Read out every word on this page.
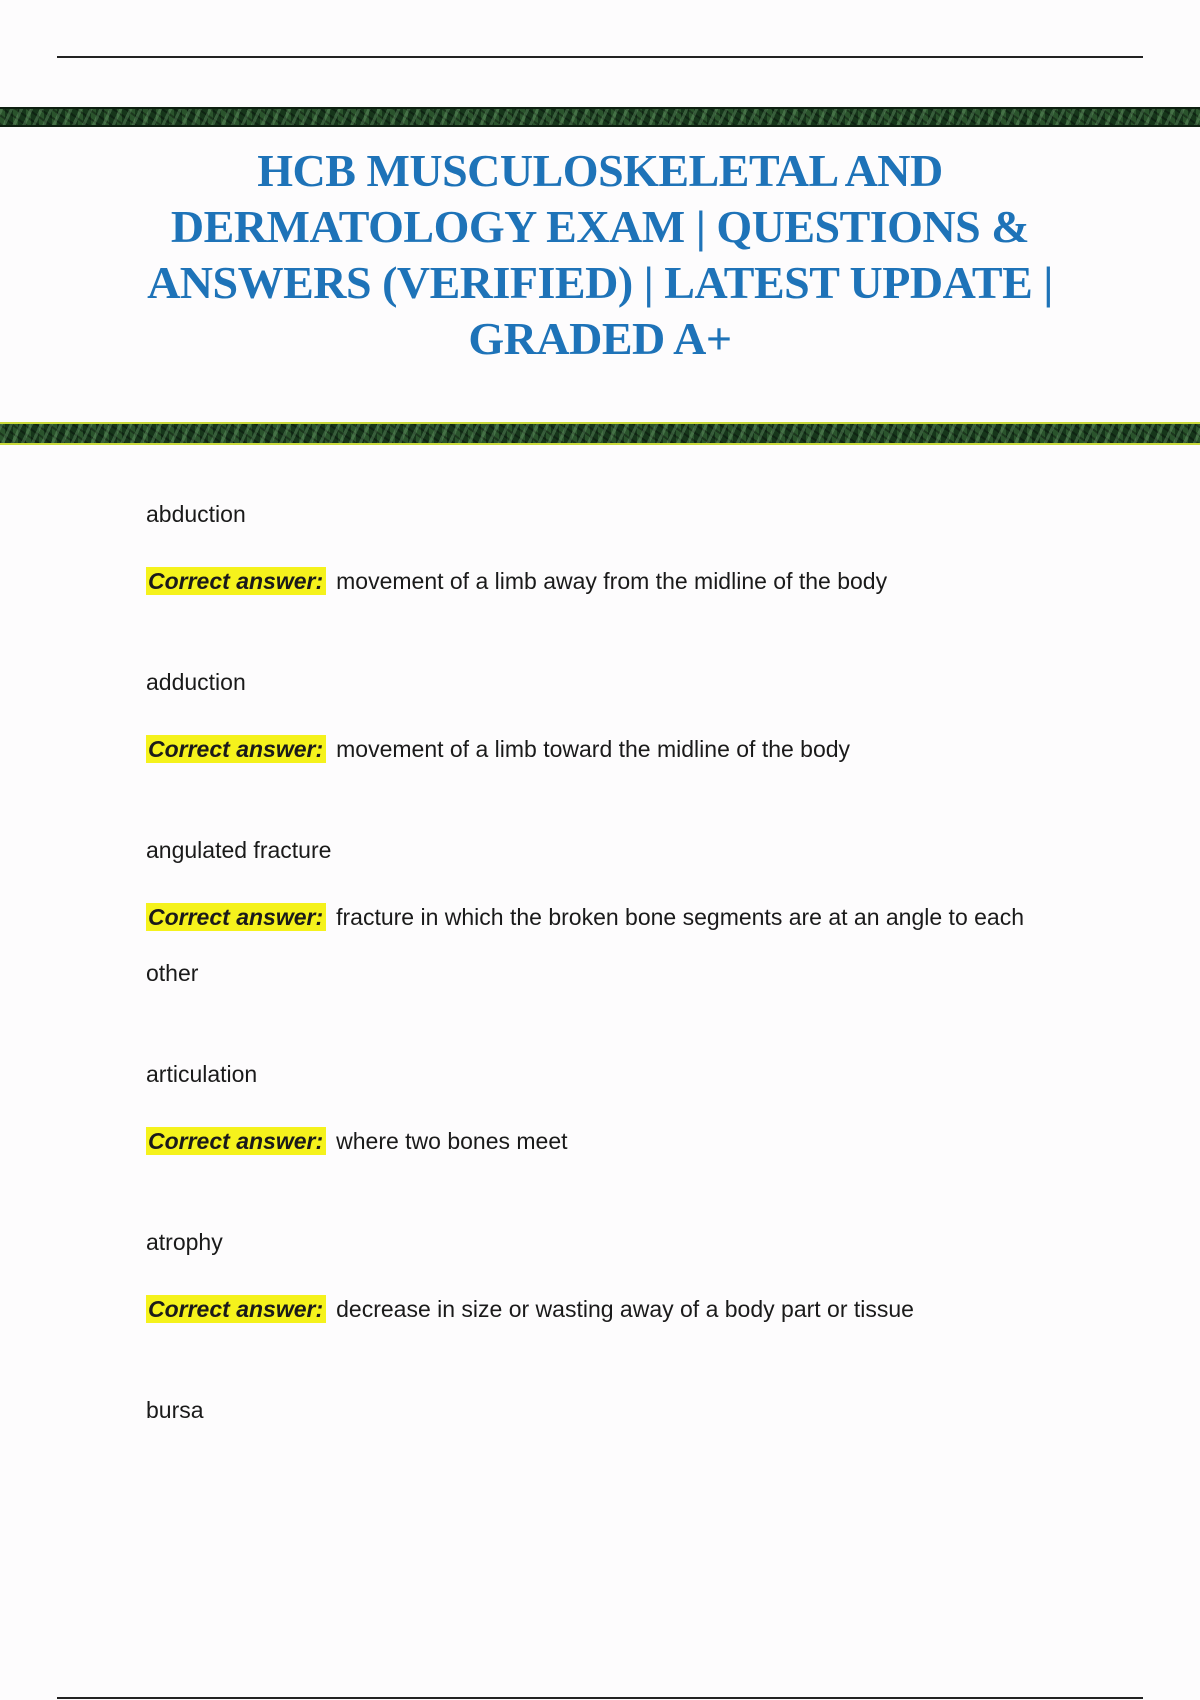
HCB MUSCULOSKELETAL AND
DERMATOLOGY EXAM | QUESTIONS &
ANSWERS (VERIFIED) | LATEST UPDATE |
GRADED A+

abduction

Correct answer: movement of a limb away from the midline of the body

adduction

Correct answer: movement of a limb toward the midline of the body

angulated fracture

Correct answer: fracture in which the broken bone segments are at an angle to each
other

articulation

Correct answer: where two bones meet

atrophy

Correct answer: decrease in size or wasting away of a body part or tissue

bursa
